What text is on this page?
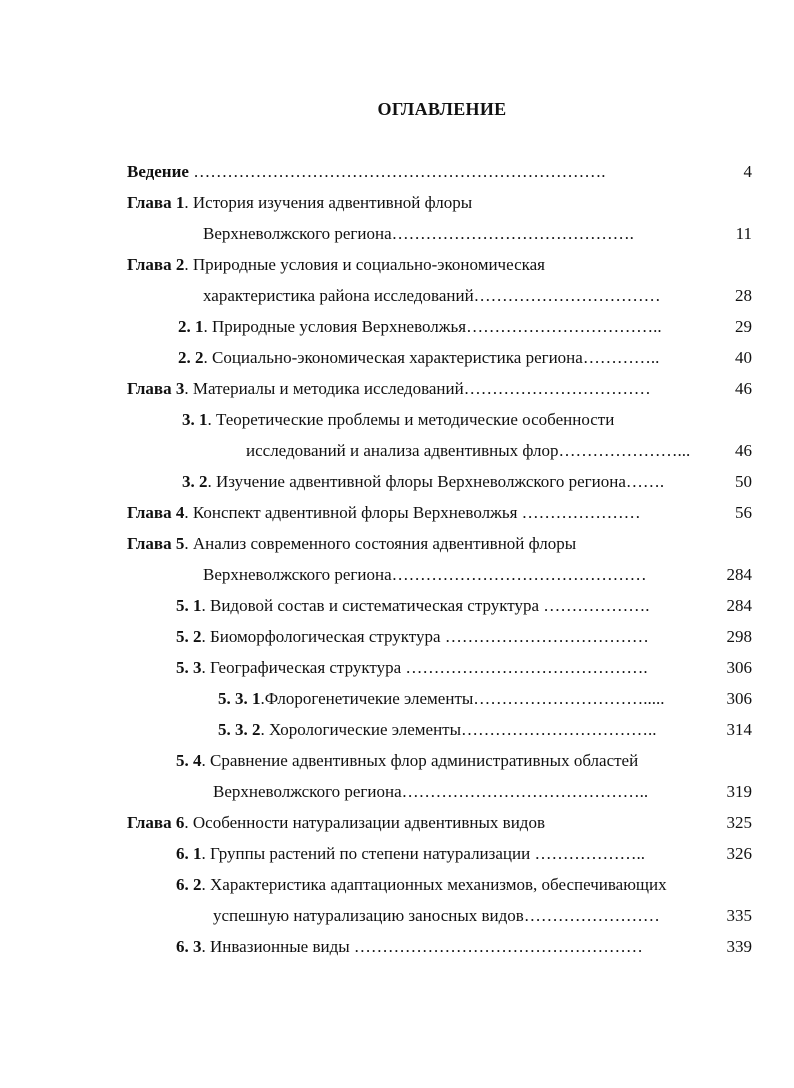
ОГЛАВЛЕНИЕ
Ведение ……………………………………………………………….	4
Глава 1. История изучения адвентивной флоры
Верхневолжского региона…………………………………….	11
Глава 2. Природные условия и социально-экономическая
характеристика района исследований……………………………	28
2. 1. Природные условия Верхневолжья……………………………..	29
2. 2. Социально-экономическая характеристика региона…………..	40
Глава 3. Материалы и методика исследований……………………………	46
3. 1. Теоретические проблемы и методические особенности
исследований и анализа адвентивных флор…………………...	46
3. 2. Изучение адвентивной флоры Верхневолжского региона…….	50
Глава 4. Конспект адвентивной флоры Верхневолжья …………………	56
Глава 5. Анализ современного состояния адвентивной флоры
Верхневолжского региона………………………………………	284
5. 1. Видовой состав и систематическая структура ……………….	284
5. 2. Биоморфологическая структура ………………………………	298
5. 3. Географическая структура …………………………………….	306
5. 3. 1.Флорогенетичекие элементы………………………….....	306
5. 3. 2. Хорологические элементы……………………………..	314
5. 4. Сравнение адвентивных флор административных областей
Верхневолжского региона……………………………………..	319
Глава 6. Особенности натурализации адвентивных видов	325
6. 1. Группы растений по степени натурализации ………………..	326
6. 2. Характеристика адаптационных механизмов, обеспечивающих
успешную натурализацию заносных видов……………………	335
6. 3. Инвазионные виды ……………………………………………	339
